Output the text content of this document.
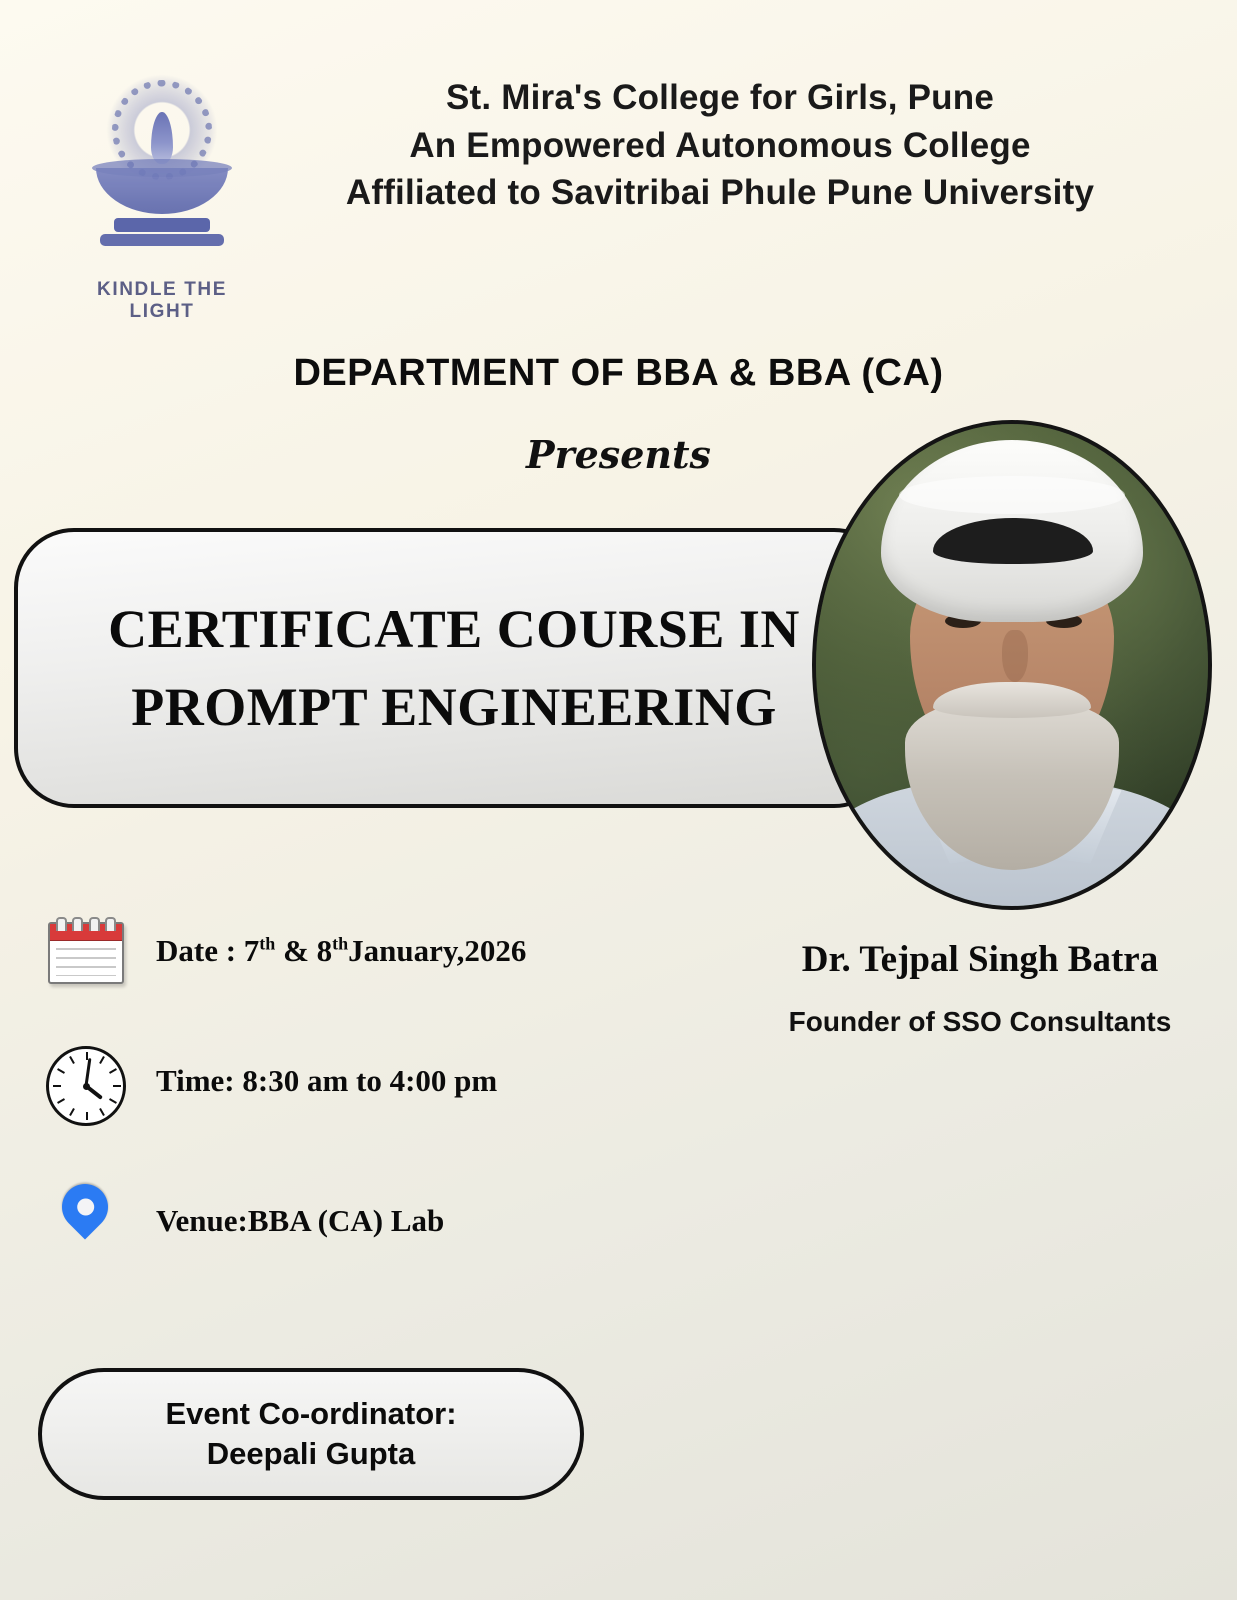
KINDLE THE LIGHT
St. Mira's College for Girls, Pune
An Empowered Autonomous College
Affiliated to Savitribai Phule Pune University
DEPARTMENT OF BBA & BBA (CA)
Presents
CERTIFICATE COURSE IN
PROMPT ENGINEERING
Dr. Tejpal Singh Batra
Founder of SSO Consultants
Date : 7th & 8thJanuary,2026
Time: 8:30 am to 4:00 pm
Venue:BBA (CA) Lab
Event Co-ordinator:
Deepali Gupta
